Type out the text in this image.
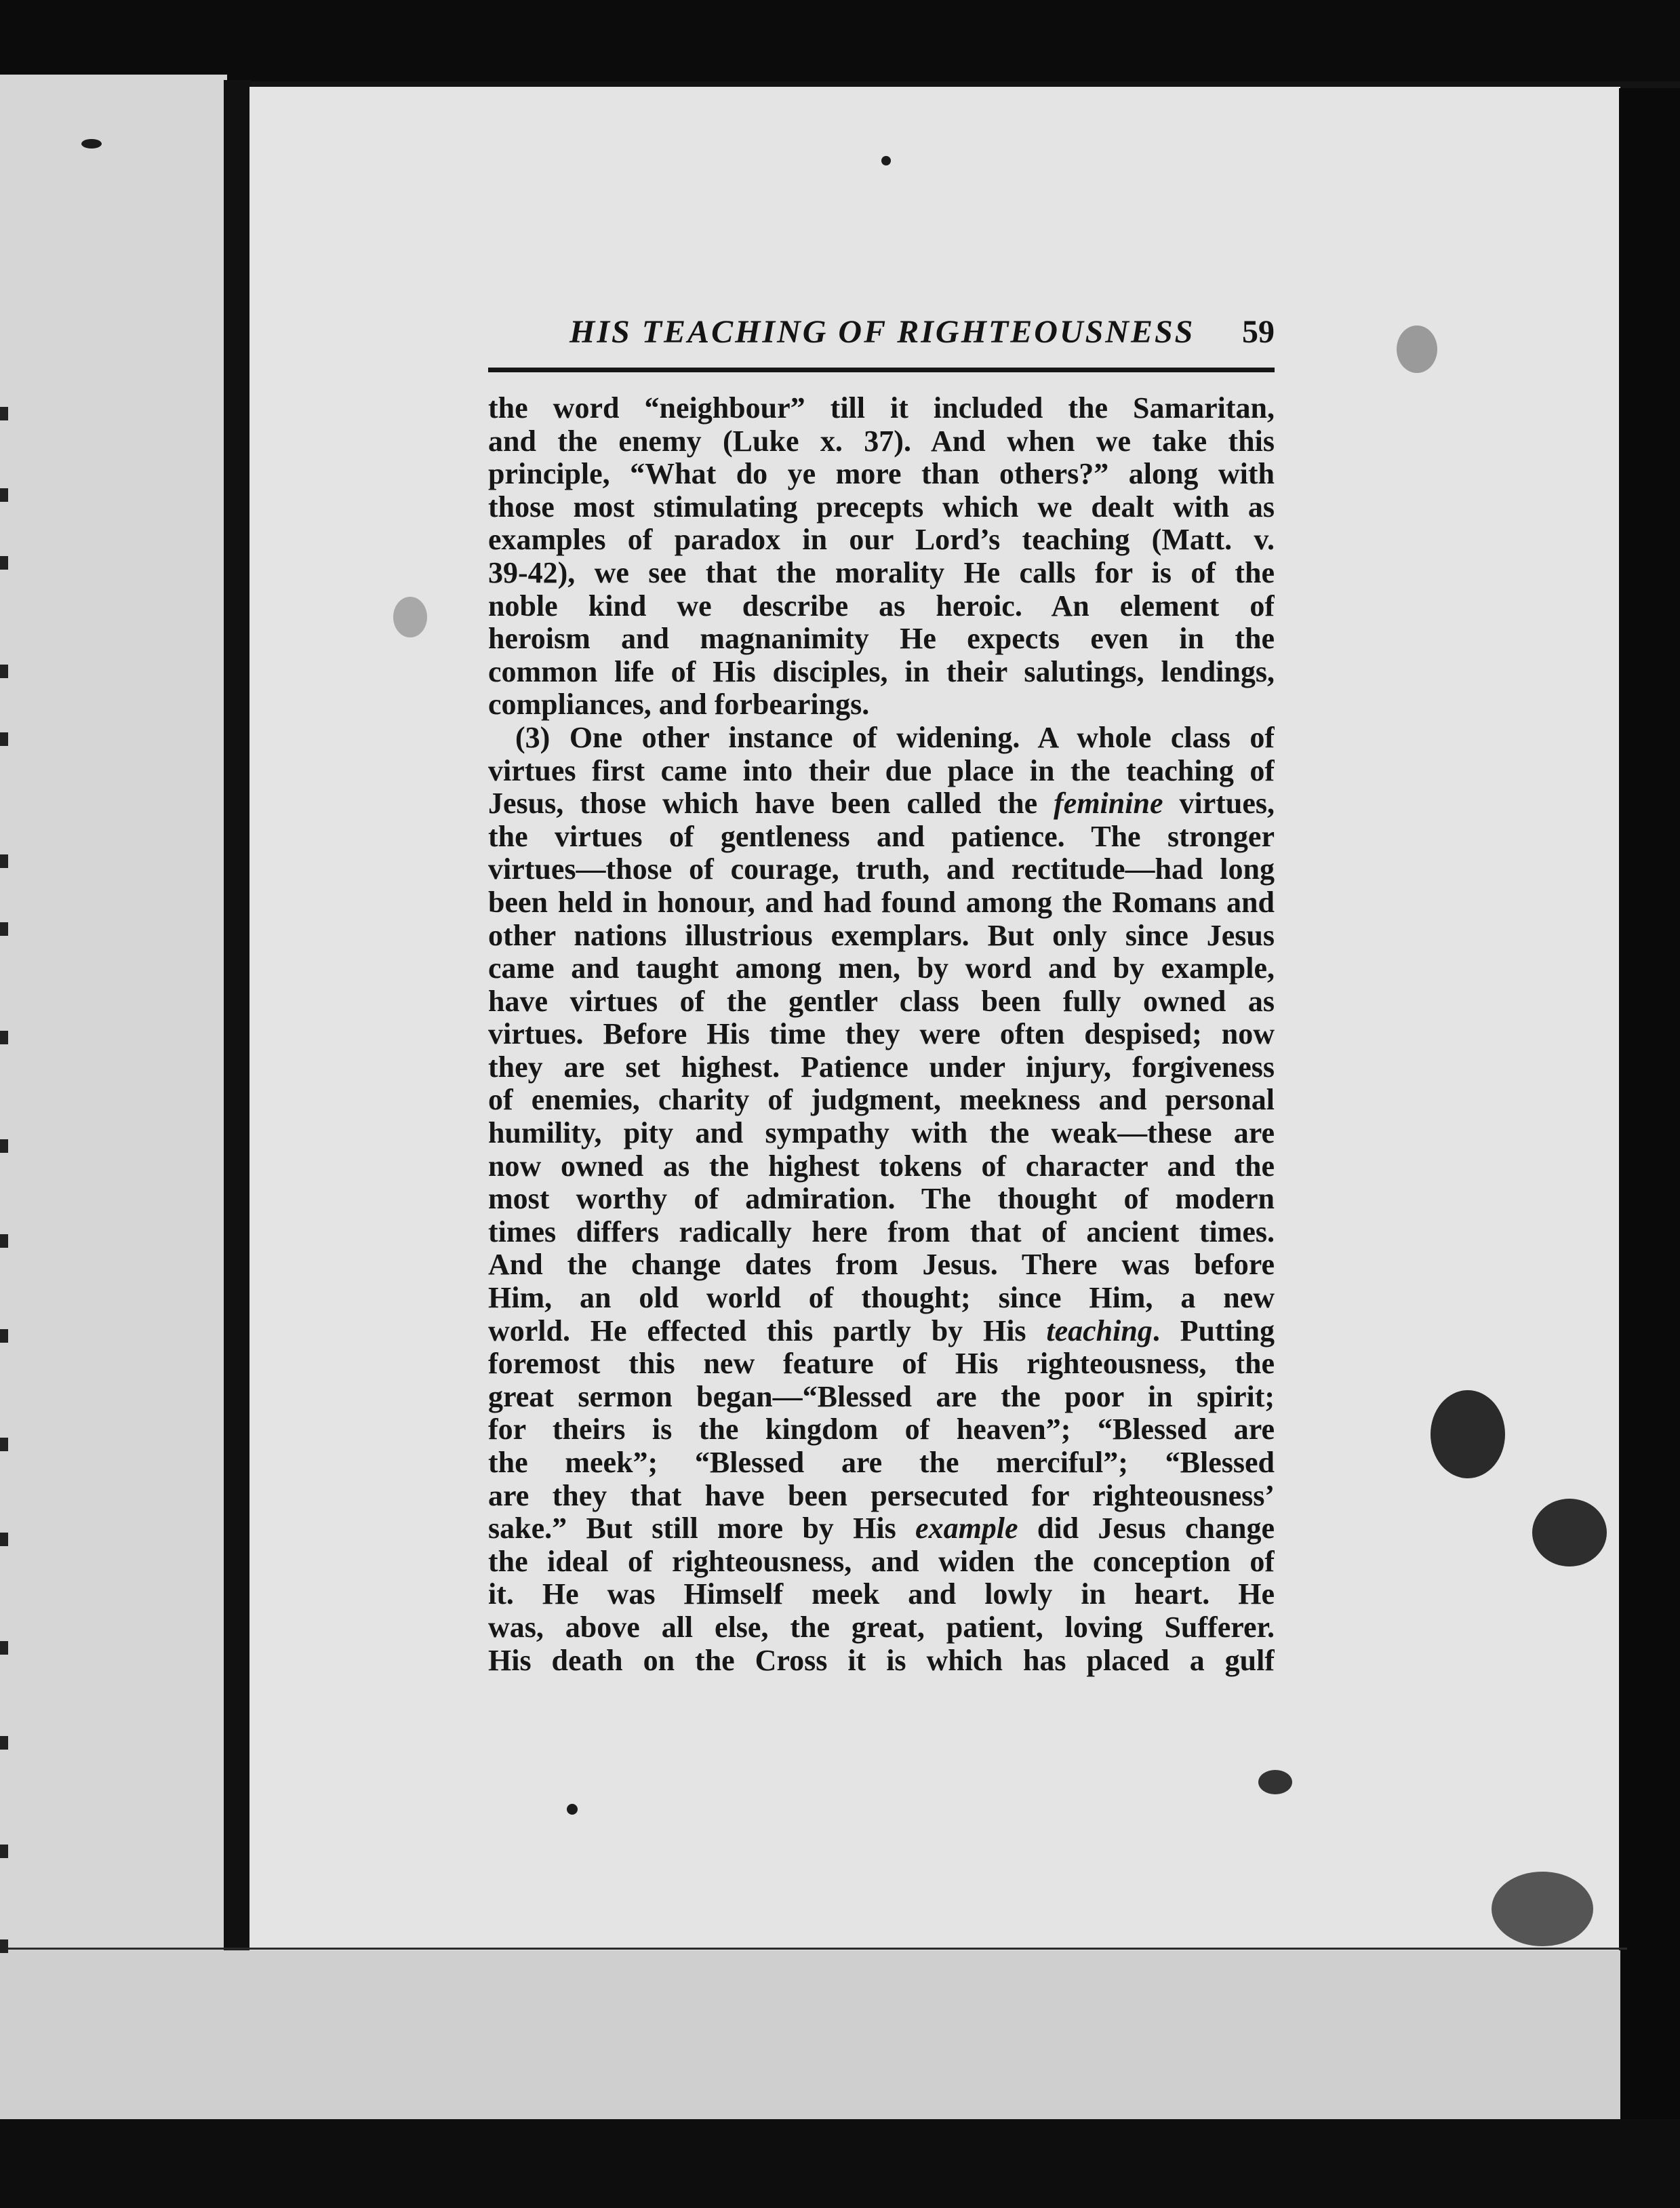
HIS TEACHING OF RIGHTEOUSNESS 59
the word “neighbour” till it included the Samaritan,
and the enemy (Luke x. 37). And when we take this
principle, “What do ye more than others?” along with
those most stimulating precepts which we dealt with as
examples of paradox in our Lord’s teaching (Matt. v.
39-42), we see that the morality He calls for is of the
noble kind we describe as heroic. An element of
heroism and magnanimity He expects even in the
common life of His disciples, in their salutings, lendings,
compliances, and forbearings.
(3) One other instance of widening. A whole class of
virtues first came into their due place in the teaching of
Jesus, those which have been called the feminine virtues,
the virtues of gentleness and patience. The stronger
virtues—those of courage, truth, and rectitude—had long
been held in honour, and had found among the Romans and
other nations illustrious exemplars. But only since Jesus
came and taught among men, by word and by example,
have virtues of the gentler class been fully owned as
virtues. Before His time they were often despised; now
they are set highest. Patience under injury, forgiveness
of enemies, charity of judgment, meekness and personal
humility, pity and sympathy with the weak—these are
now owned as the highest tokens of character and the
most worthy of admiration. The thought of modern
times differs radically here from that of ancient times.
And the change dates from Jesus. There was before
Him, an old world of thought; since Him, a new
world. He effected this partly by His teaching. Putting
foremost this new feature of His righteousness, the
great sermon began—“Blessed are the poor in spirit;
for theirs is the kingdom of heaven”; “Blessed are
the meek”; “Blessed are the merciful”; “Blessed
are they that have been persecuted for righteousness’
sake.” But still more by His example did Jesus change
the ideal of righteousness, and widen the conception of
it. He was Himself meek and lowly in heart. He
was, above all else, the great, patient, loving Sufferer.
His death on the Cross it is which has placed a gulf
